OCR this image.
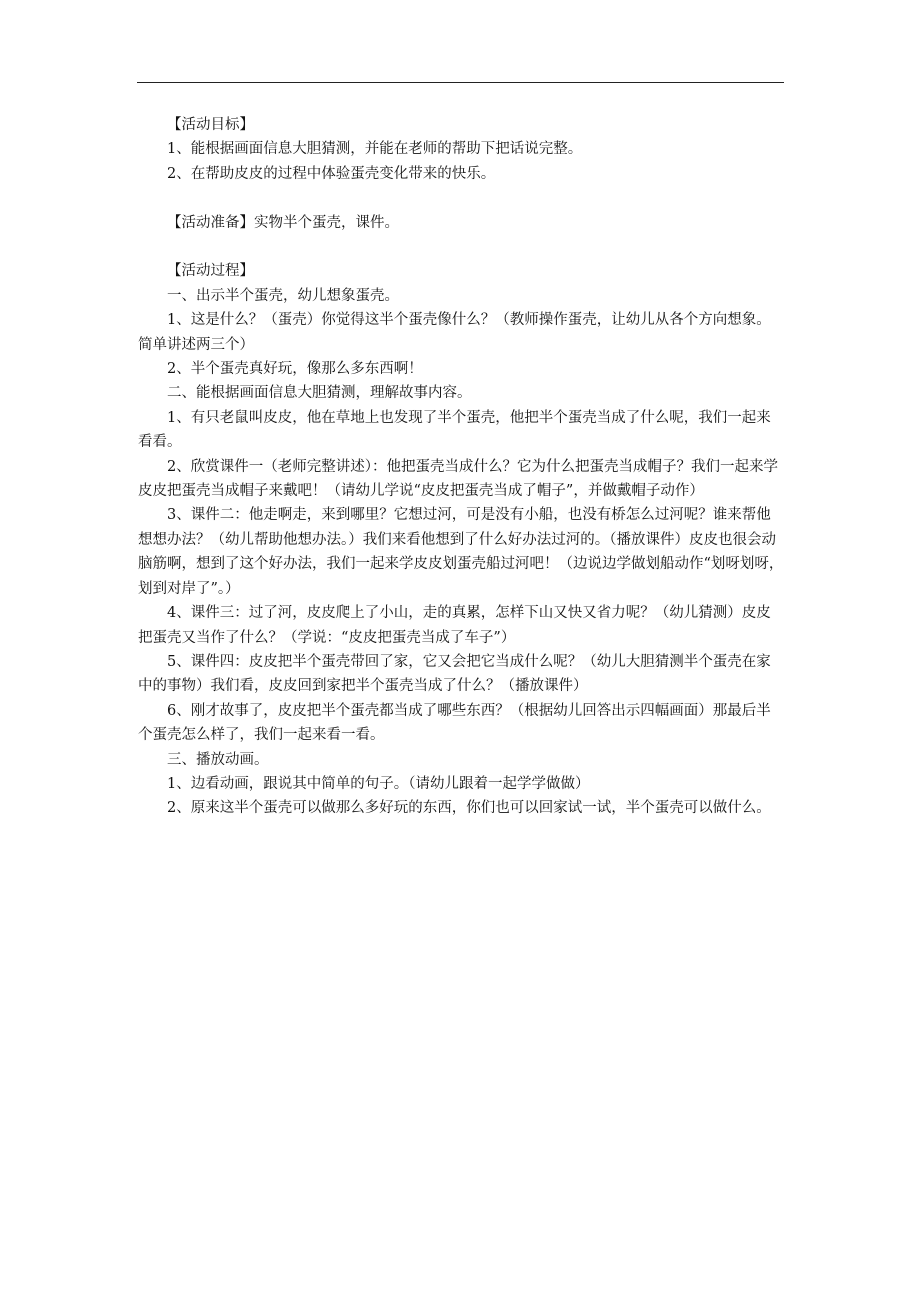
【活动目标】

1、能根据画面信息大胆猜测，并能在老师的帮助下把话说完整。

2、在帮助皮皮的过程中体验蛋壳变化带来的快乐。

【活动准备】实物半个蛋壳，课件。

【活动过程】

一、出示半个蛋壳，幼儿想象蛋壳。

1、这是什么？（蛋壳）你觉得这半个蛋壳像什么？（教师操作蛋壳，让幼儿从各个方向想象。简单讲述两三个）

2、半个蛋壳真好玩，像那么多东西啊！

二、能根据画面信息大胆猜测，理解故事内容。

1、有只老鼠叫皮皮，他在草地上也发现了半个蛋壳，他把半个蛋壳当成了什么呢，我们一起来看看。

2、欣赏课件一（老师完整讲述）：他把蛋壳当成什么？它为什么把蛋壳当成帽子？我们一起来学皮皮把蛋壳当成帽子来戴吧！（请幼儿学说“皮皮把蛋壳当成了帽子”，并做戴帽子动作）

3、课件二：他走啊走，来到哪里？它想过河，可是没有小船，也没有桥怎么过河呢？谁来帮他想想办法？（幼儿帮助他想办法。）我们来看他想到了什么好办法过河的。（播放课件）皮皮也很会动脑筋啊，想到了这个好办法，我们一起来学皮皮划蛋壳船过河吧！（边说边学做划船动作“划呀划呀，划到对岸了”。）

4、课件三：过了河，皮皮爬上了小山，走的真累，怎样下山又快又省力呢？（幼儿猜测）皮皮把蛋壳又当作了什么？（学说：“皮皮把蛋壳当成了车子”）

5、课件四：皮皮把半个蛋壳带回了家，它又会把它当成什么呢？（幼儿大胆猜测半个蛋壳在家中的事物）我们看，皮皮回到家把半个蛋壳当成了什么？（播放课件）

6、刚才故事了，皮皮把半个蛋壳都当成了哪些东西？（根据幼儿回答出示四幅画面）那最后半个蛋壳怎么样了，我们一起来看一看。

三、播放动画。

1、边看动画，跟说其中简单的句子。（请幼儿跟着一起学学做做）

2、原来这半个蛋壳可以做那么多好玩的东西，你们也可以回家试一试，半个蛋壳可以做什么。
